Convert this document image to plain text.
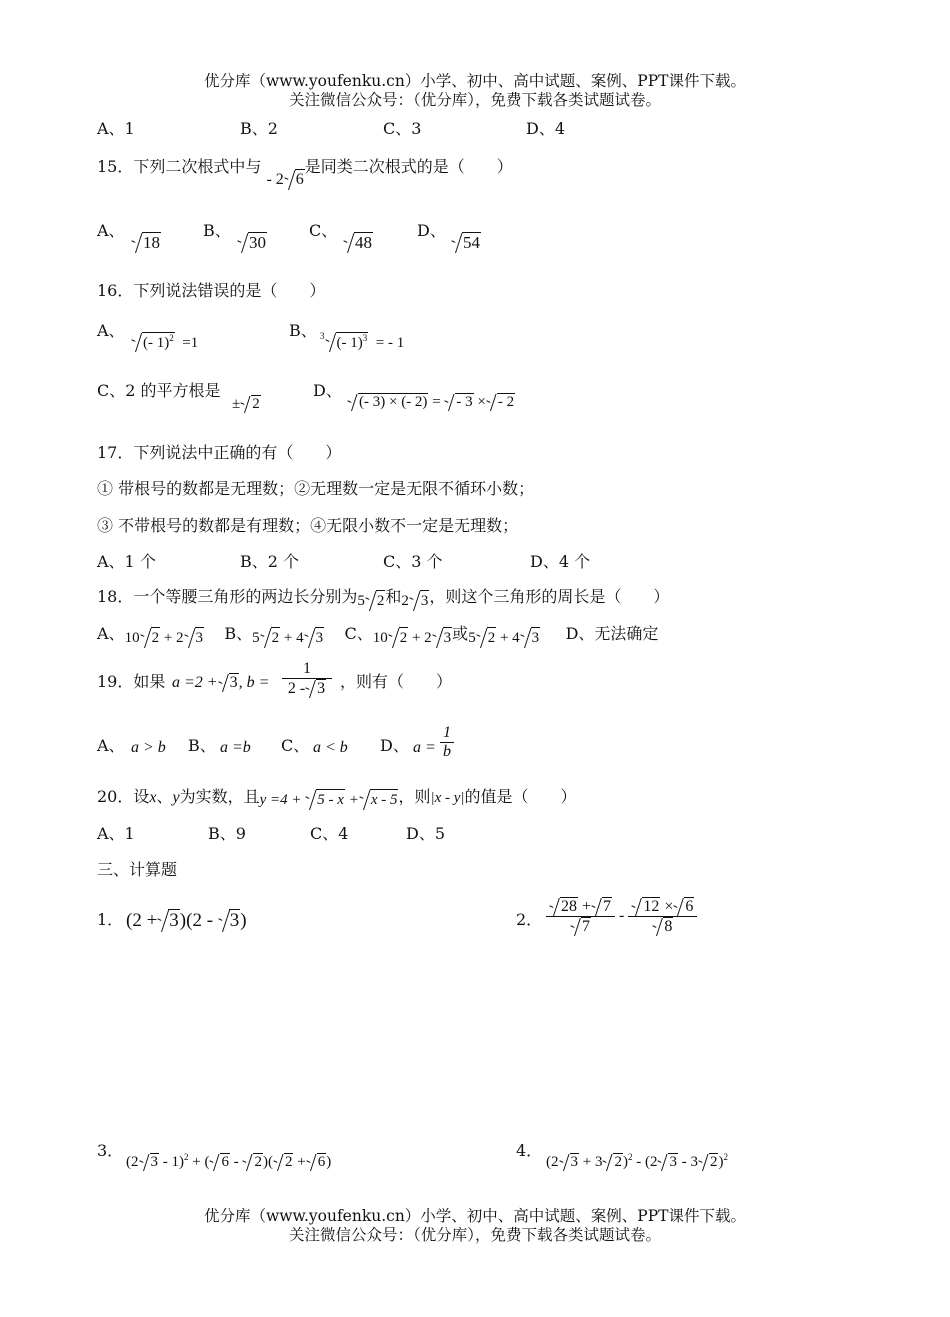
优分库（www.youfenku.cn）小学、初中、高中试题、案例、PPT课件下载。
关注微信公众号：（优分库），免费下载各类试题试卷。
A、1	B、2	C、3	D、4
15．下列二次根式中与 - 2 6是同类二次根式的是（　　）
A、
18
B、
30
C、
48
D、
54
16．下列说法错误的是（　　）
A、
(- 1)$^2$ =1
B、 $^3$ (- 1)$^3$ = - 1
C、2 的平方根是
± 2
D、
(- 3) × (- 2) = - 3 × - 2
17．下列说法中正确的有（　　）
① 带根号的数都是无理数；②无理数一定是无限不循环小数；
③ 不带根号的数都是有理数；④无限小数不一定是无理数；
A、1 个	B、2 个	C、3 个	D、4 个
18．一个等腰三角形的两边长分别为5 2和2 3，则这个三角形的周长是（　　）
A、10 2 + 2 3 B、5 2 + 4 3 C、10 2 + 2 3或5 2 + 4 3 D、无法确定
19．如果 a =2 + 3, $b = \frac{1}{2 - 3}$ ，则有（　　）
A、 a > b B、 a =b C、 a < b D、 $a = \frac{1}{b}$
20．设x、y为实数，且y =4 + 5 - x + x - 5，则|x - y|的值是（　　）
A、1	B、9	C、4	D、5
三、计算题
1． (2 + 3)(2 - 3)	2． $\frac{28 + 7}{7} - \frac{12 \times 6}{8}$
3．
(2 3 - 1)$^2$ + ( 6 - 2)( 2 + 6)
4．
(2 3 + 3 2)$^2$ - (2 3 - 3 2)$^2$
优分库（www.youfenku.cn）小学、初中、高中试题、案例、PPT课件下载。
关注微信公众号：（优分库），免费下载各类试题试卷。
